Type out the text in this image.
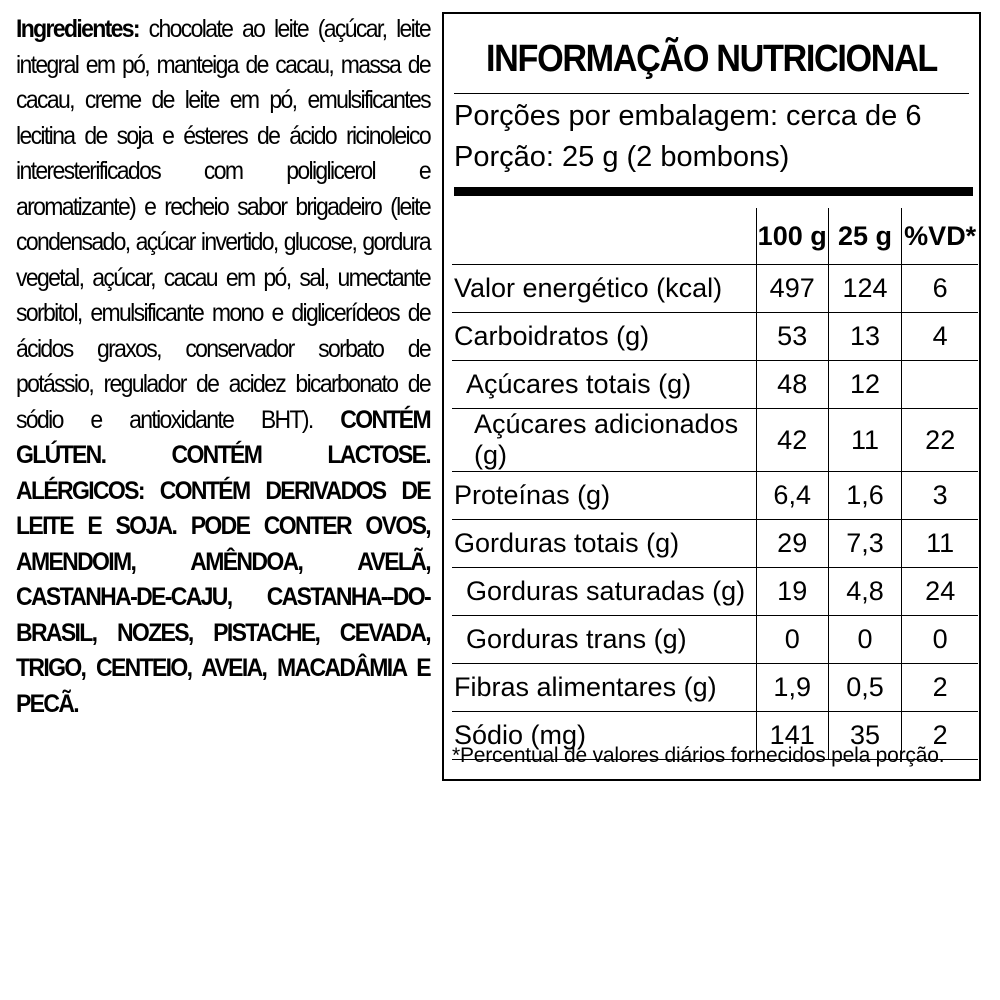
Ingredientes: chocolate ao leite (açúcar, leite integral em pó, manteiga de cacau, massa de cacau, creme de leite em pó, emulsificantes lecitina de soja e ésteres de ácido ricinoleico interesterificados com poliglicerol e aromatizante) e recheio sabor brigadeiro (leite condensado, açúcar invertido, glucose, gordura vegetal, açúcar, cacau em pó, sal, umectante sorbitol, emulsificante mono e diglicerídeos de ácidos graxos, conservador sorbato de potássio, regulador de acidez bicarbonato de sódio e antioxidante BHT). CONTÉM GLÚTEN. CONTÉM LACTOSE. ALÉRGICOS: CONTÉM DERIVADOS DE LEITE E SOJA. PODE CONTER OVOS, AMENDOIM, AMÊNDOA, AVELÃ, CASTANHA-DE-CAJU, CASTANHA--DO-BRASIL, NOZES, PISTACHE, CEVADA, TRIGO, CENTEIO, AVEIA, MACADÂMIA E PECÃ.
INFORMAÇÃO NUTRICIONAL
Porções por embalagem: cerca de 6
Porção: 25 g (2 bombons)
	100 g	25 g	%VD*
Valor energético (kcal)	497	124	6
Carboidratos (g)	53	13	4
Açúcares totais (g)	48	12	
Açúcares adicionados (g)	42	11	22
Proteínas (g)	6,4	1,6	3
Gorduras totais (g)	29	7,3	11
Gorduras saturadas (g)	19	4,8	24
Gorduras trans (g)	0	0	0
Fibras alimentares (g)	1,9	0,5	2
Sódio (mg)	141	35	2
*Percentual de valores diários fornecidos pela porção.
